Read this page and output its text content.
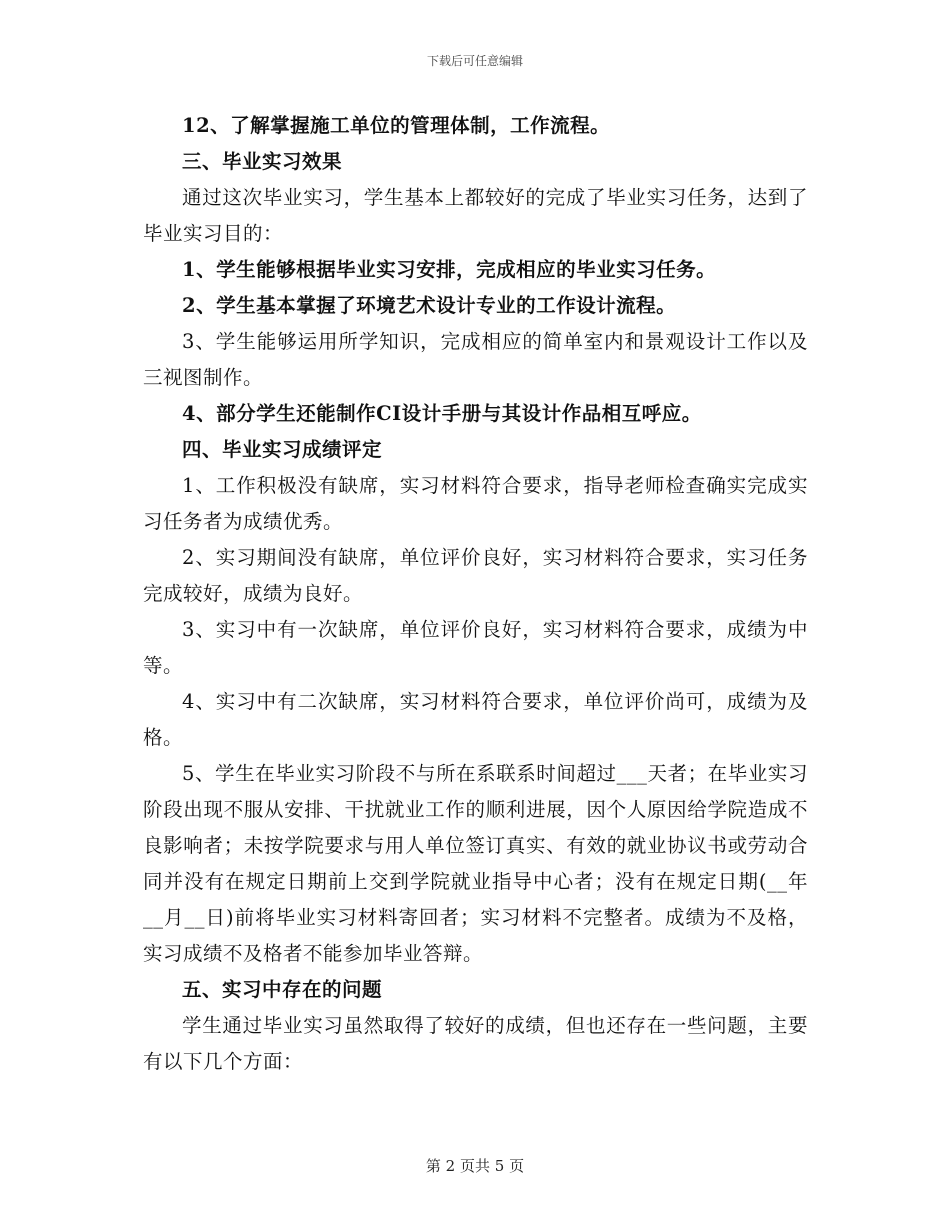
下载后可任意编辑

12、了解掌握施工单位的管理体制，工作流程。

三、毕业实习效果

通过这次毕业实习，学生基本上都较好的完成了毕业实习任务，达到了毕业实习目的：

1、学生能够根据毕业实习安排，完成相应的毕业实习任务。

2、学生基本掌握了环境艺术设计专业的工作设计流程。

3、学生能够运用所学知识，完成相应的简单室内和景观设计工作以及三视图制作。

4、部分学生还能制作CI设计手册与其设计作品相互呼应。

四、毕业实习成绩评定

1、工作积极没有缺席，实习材料符合要求，指导老师检查确实完成实习任务者为成绩优秀。

2、实习期间没有缺席，单位评价良好，实习材料符合要求，实习任务完成较好，成绩为良好。

3、实习中有一次缺席，单位评价良好，实习材料符合要求，成绩为中等。

4、实习中有二次缺席，实习材料符合要求，单位评价尚可，成绩为及格。

5、学生在毕业实习阶段不与所在系联系时间超过___天者；在毕业实习阶段出现不服从安排、干扰就业工作的顺利进展，因个人原因给学院造成不良影响者；未按学院要求与用人单位签订真实、有效的就业协议书或劳动合同并没有在规定日期前上交到学院就业指导中心者；没有在规定日期(__年__月__日)前将毕业实习材料寄回者；实习材料不完整者。成绩为不及格，实习成绩不及格者不能参加毕业答辩。

五、实习中存在的问题

学生通过毕业实习虽然取得了较好的成绩，但也还存在一些问题，主要有以下几个方面：

第 2 页共 5 页
